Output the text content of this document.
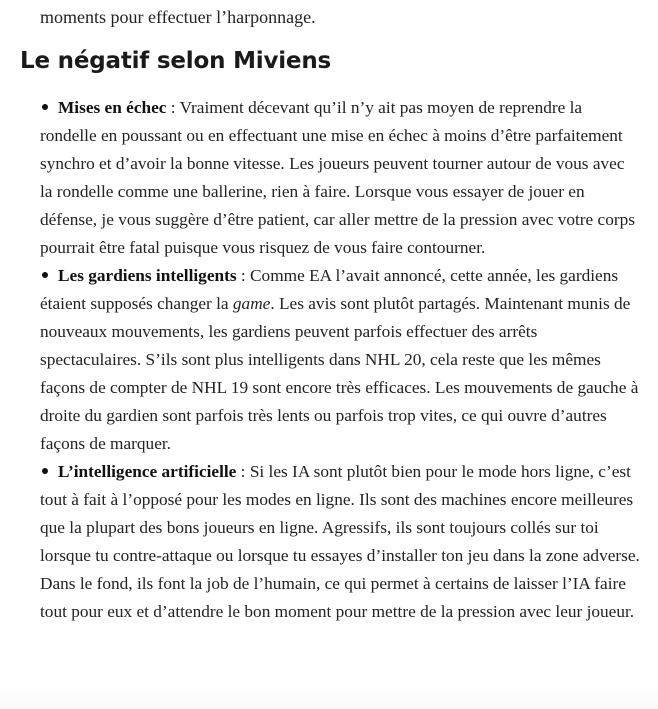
moments pour effectuer l’harponnage.

Le négatif selon Miviens
Mises en échec : Vraiment décevant qu’il n’y ait pas moyen de reprendre la rondelle en poussant ou en effectuant une mise en échec à moins d’être parfaitement synchro et d’avoir la bonne vitesse. Les joueurs peuvent tourner autour de vous avec la rondelle comme une ballerine, rien à faire. Lorsque vous essayer de jouer en défense, je vous suggère d’être patient, car aller mettre de la pression avec votre corps pourrait être fatal puisque vous risquez de vous faire contourner.
Les gardiens intelligents : Comme EA l’avait annoncé, cette année, les gardiens étaient supposés changer la game. Les avis sont plutôt partagés. Maintenant munis de nouveaux mouvements, les gardiens peuvent parfois effectuer des arrêts spectaculaires. S’ils sont plus intelligents dans NHL 20, cela reste que les mêmes façons de compter de NHL 19 sont encore très efficaces. Les mouvements de gauche à droite du gardien sont parfois très lents ou parfois trop vites, ce qui ouvre d’autres façons de marquer.
L’intelligence artificielle : Si les IA sont plutôt bien pour le mode hors ligne, c’est tout à fait à l’opposé pour les modes en ligne. Ils sont des machines encore meilleures que la plupart des bons joueurs en ligne. Agressifs, ils sont toujours collés sur toi lorsque tu contre-attaque ou lorsque tu essayes d’installer ton jeu dans la zone adverse. Dans le fond, ils font la job de l’humain, ce qui permet à certains de laisser l’IA faire tout pour eux et d’attendre le bon moment pour mettre de la pression avec leur joueur.
